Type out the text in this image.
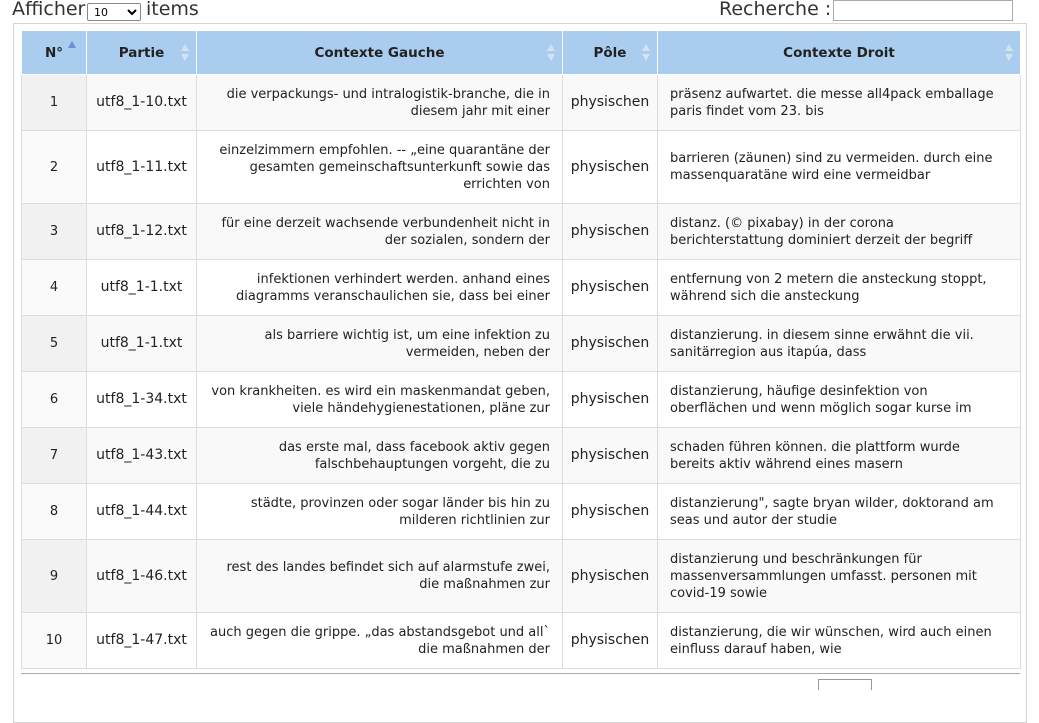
Afficher
10	items	Recherche :
N°	Partie	Contexte Gauche	Pôle	Contexte Droit

1	utf8_1-10.txt	die verpackungs- und intralogistik-branche, die in diesem jahr mit einer	physischen	präsenz aufwartet. die messe all4pack emballage paris findet vom 23. bis
2	utf8_1-11.txt	einzelzimmern empfohlen. -- „eine quarantäne der gesamten gemeinschaftsunterkunft sowie das errichten von	physischen	barrieren (zäunen) sind zu vermeiden. durch eine massenquaratäne wird eine vermeidbar
3	utf8_1-12.txt	für eine derzeit wachsende verbundenheit nicht in der sozialen, sondern der	physischen	distanz. (© pixabay) in der corona berichterstattung dominiert derzeit der begriff
4	utf8_1-1.txt	infektionen verhindert werden. anhand eines diagramms veranschaulichen sie, dass bei einer	physischen	entfernung von 2 metern die ansteckung stoppt, während sich die ansteckung
5	utf8_1-1.txt	als barriere wichtig ist, um eine infektion zu vermeiden, neben der	physischen	distanzierung. in diesem sinne erwähnt die vii. sanitärregion aus itapúa, dass
6	utf8_1-34.txt	von krankheiten. es wird ein maskenmandat geben, viele händehygienestationen, pläne zur	physischen	distanzierung, häufige desinfektion von oberflächen und wenn möglich sogar kurse im
7	utf8_1-43.txt	das erste mal, dass facebook aktiv gegen falschbehauptungen vorgeht, die zu	physischen	schaden führen können. die plattform wurde bereits aktiv während eines masern
8	utf8_1-44.txt	städte, provinzen oder sogar länder bis hin zu milderen richtlinien zur	physischen	distanzierung", sagte bryan wilder, doktorand am seas und autor der studie
9	utf8_1-46.txt	rest des landes befindet sich auf alarmstufe zwei, die maßnahmen zur	physischen	distanzierung und beschränkungen für massenversammlungen umfasst. personen mit covid-19 sowie
10	utf8_1-47.txt	auch gegen die grippe. „das abstandsgebot und all` die maßnahmen der	physischen	distanzierung, die wir wünschen, wird auch einen einfluss darauf haben, wie
